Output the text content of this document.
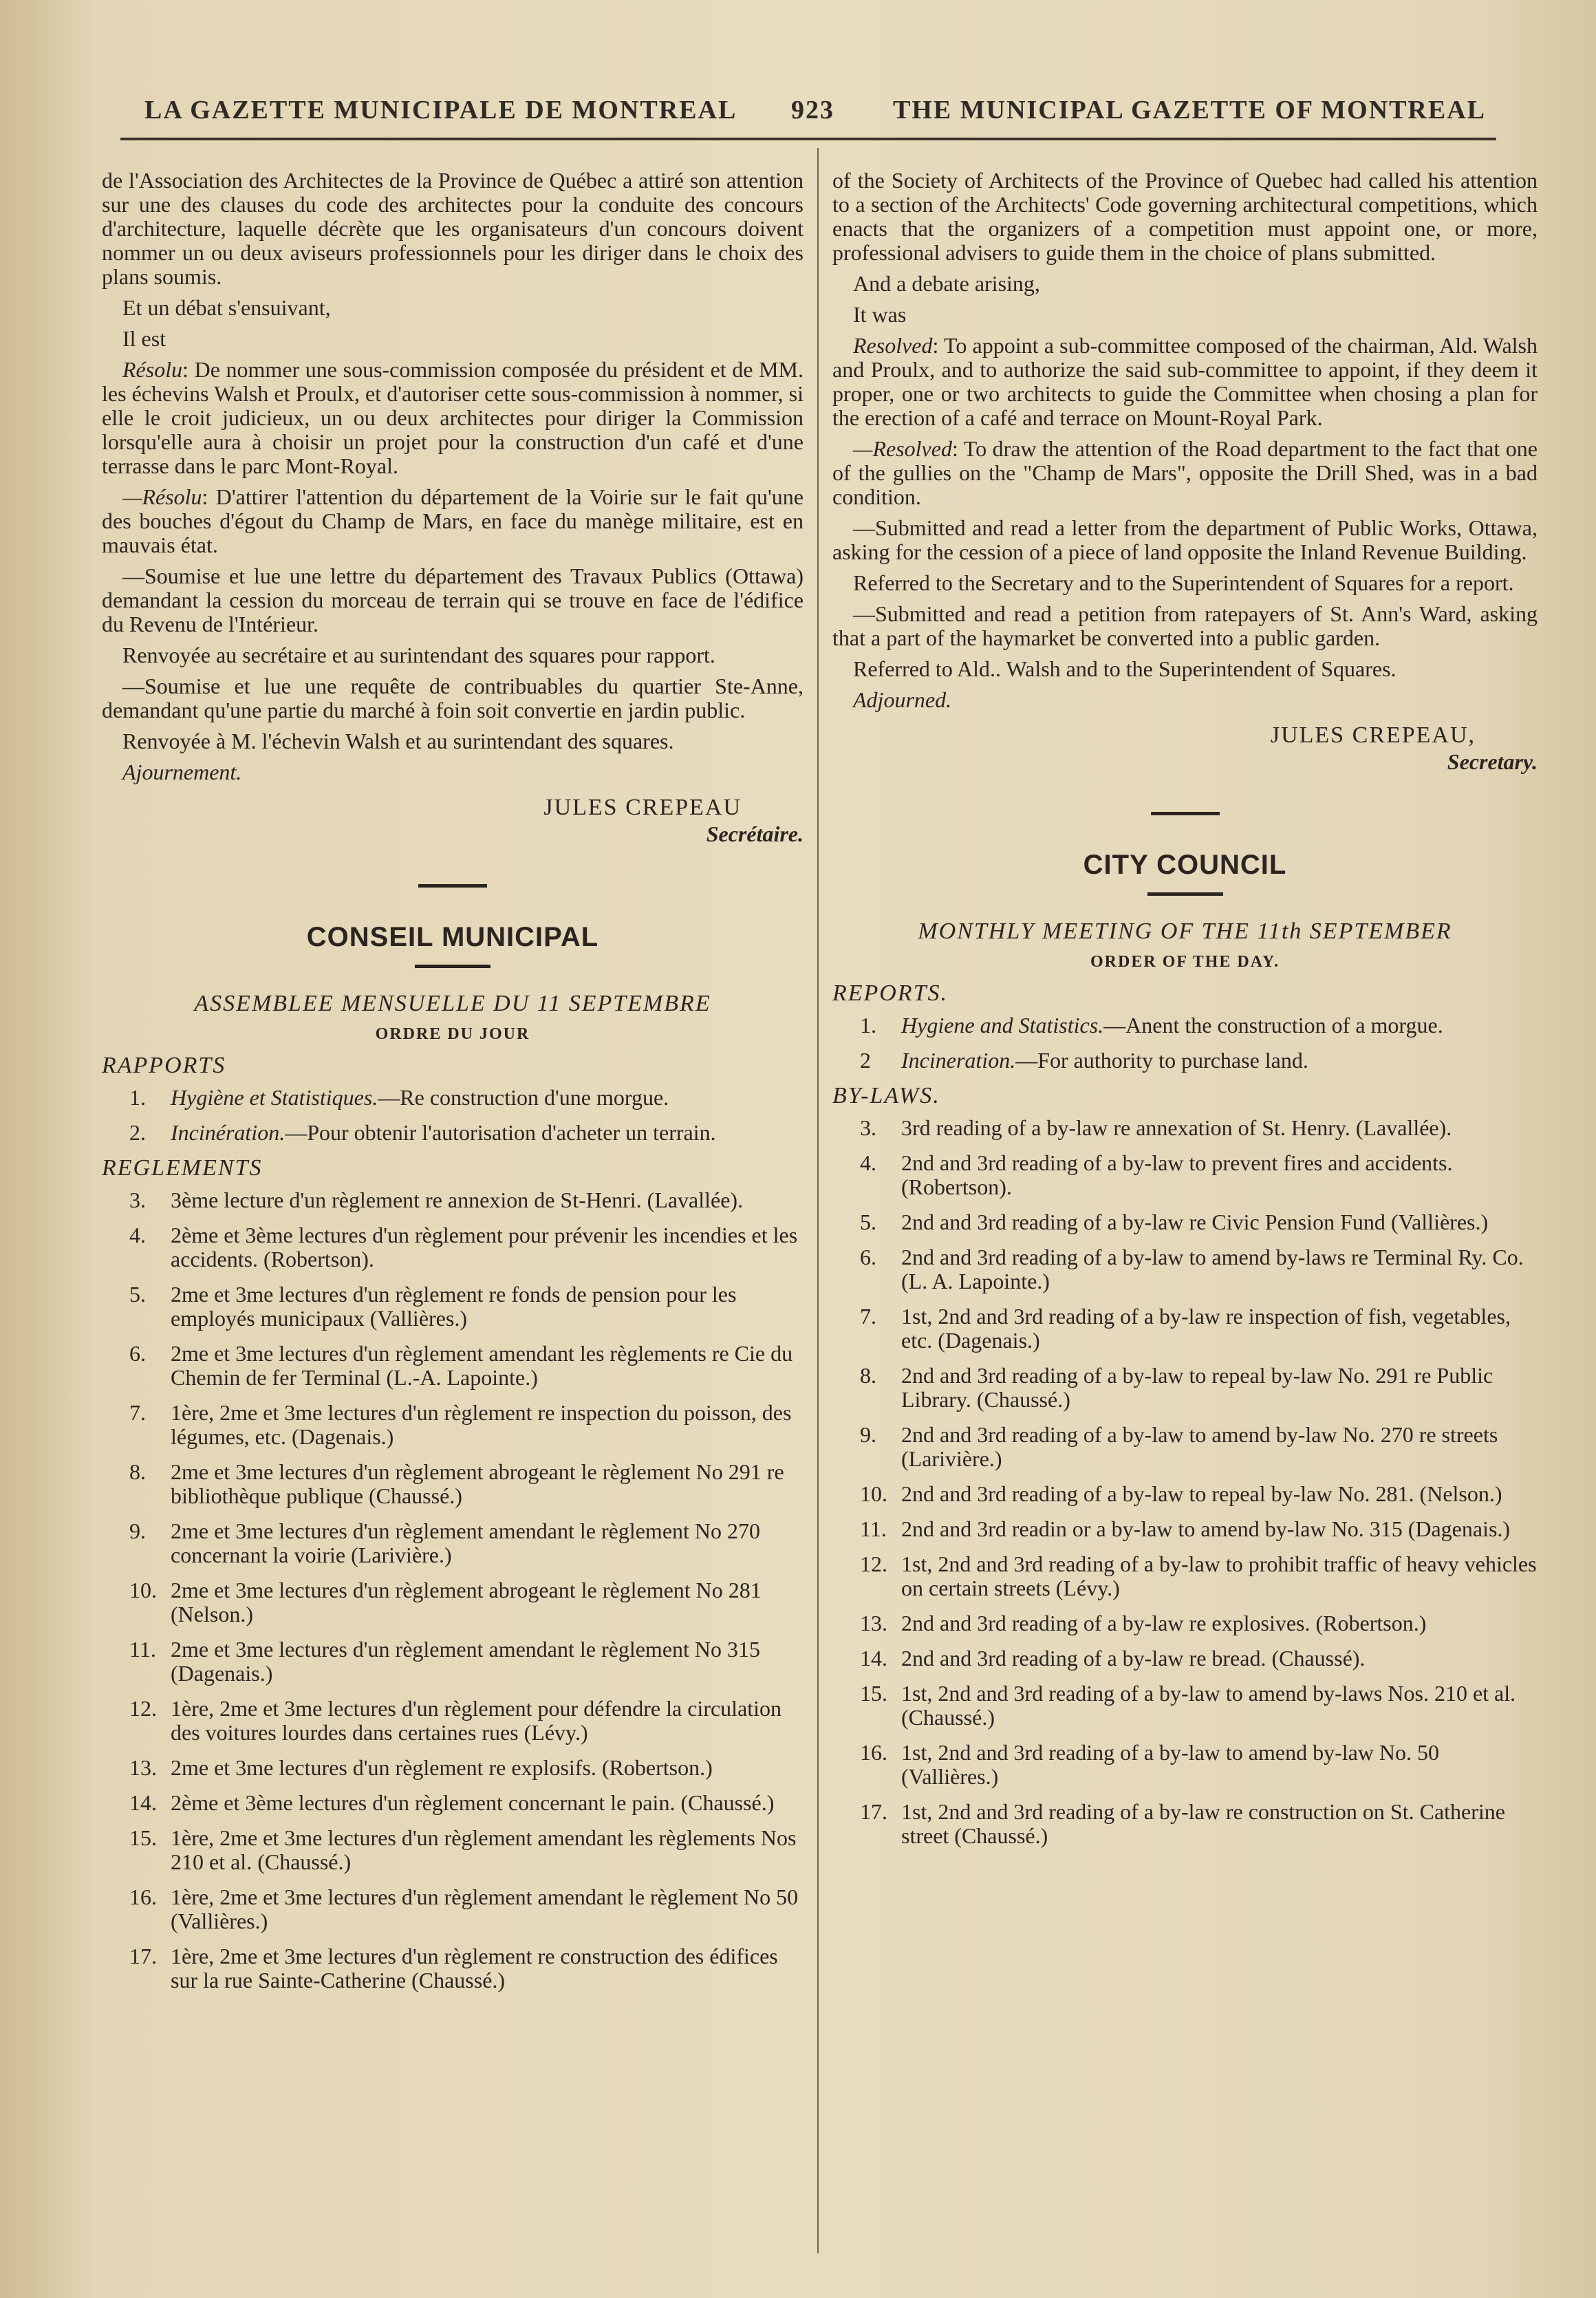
LA GAZETTE MUNICIPALE DE MONTREAL 923 THE MUNICIPAL GAZETTE OF MONTREAL

de l'Association des Architectes de la Province de Québec a attiré son attention sur une des clauses du code des architectes pour la conduite des concours d'architecture, laquelle décrète que les organisateurs d'un concours doivent nommer un ou deux aviseurs professionnels pour les diriger dans le choix des plans soumis.

Et un débat s'ensuivant,

Il est

Résolu: De nommer une sous-commission composée du président et de MM. les échevins Walsh et Proulx, et d'autoriser cette sous-commission à nommer, si elle le croit judicieux, un ou deux architectes pour diriger la Commission lorsqu'elle aura à choisir un projet pour la construction d'un café et d'une terrasse dans le parc Mont-Royal.

—Résolu: D'attirer l'attention du département de la Voirie sur le fait qu'une des bouches d'égout du Champ de Mars, en face du manège militaire, est en mauvais état.

—Soumise et lue une lettre du département des Travaux Publics (Ottawa) demandant la cession du morceau de terrain qui se trouve en face de l'édifice du Revenu de l'Intérieur.

Renvoyée au secrétaire et au surintendant des squares pour rapport.

—Soumise et lue une requête de contribuables du quartier Ste-Anne, demandant qu'une partie du marché à foin soit convertie en jardin public.

Renvoyée à M. l'échevin Walsh et au surintendant des squares.

Ajournement.

JULES CREPEAU
Secrétaire.
CONSEIL MUNICIPAL

ASSEMBLEE MENSUELLE DU 11 SEPTEMBRE

ORDRE DU JOUR

RAPPORTS

1. Hygiène et Statistiques.—Re construction d'une morgue.
2. Incinération.—Pour obtenir l'autorisation d'acheter un terrain.

REGLEMENTS

3. 3ème lecture d'un règlement re annexion de St-Henri. (Lavallée).
4. 2ème et 3ème lectures d'un règlement pour prévenir les incendies et les accidents. (Robertson).
5. 2me et 3me lectures d'un règlement re fonds de pension pour les employés municipaux (Vallières.)
6. 2me et 3me lectures d'un règlement amendant les règlements re Cie du Chemin de fer Terminal (L.-A. Lapointe.)
7. 1ère, 2me et 3me lectures d'un règlement re inspection du poisson, des légumes, etc. (Dagenais.)
8. 2me et 3me lectures d'un règlement abrogeant le règlement No 291 re bibliothèque publique (Chaussé.)
9. 2me et 3me lectures d'un règlement amendant le règlement No 270 concernant la voirie (Larivière.)
10. 2me et 3me lectures d'un règlement abrogeant le règlement No 281 (Nelson.)
11. 2me et 3me lectures d'un règlement amendant le règlement No 315 (Dagenais.)
12. 1ère, 2me et 3me lectures d'un règlement pour défendre la circulation des voitures lourdes dans certaines rues (Lévy.)
13. 2me et 3me lectures d'un règlement re explosifs. (Robertson.)
14. 2ème et 3ème lectures d'un règlement concernant le pain. (Chaussé.)
15. 1ère, 2me et 3me lectures d'un règlement amendant les règlements Nos 210 et al. (Chaussé.)
16. 1ère, 2me et 3me lectures d'un règlement amendant le règlement No 50 (Vallières.)
17. 1ère, 2me et 3me lectures d'un règlement re construction des édifices sur la rue Sainte-Catherine (Chaussé.)

of the Society of Architects of the Province of Quebec had called his attention to a section of the Architects' Code governing architectural competitions, which enacts that the organizers of a competition must appoint one, or more, professional advisers to guide them in the choice of plans submitted.

And a debate arising,

It was

Resolved: To appoint a sub-committee composed of the chairman, Ald. Walsh and Proulx, and to authorize the said sub-committee to appoint, if they deem it proper, one or two architects to guide the Committee when chosing a plan for the erection of a café and terrace on Mount-Royal Park.

—Resolved: To draw the attention of the Road department to the fact that one of the gullies on the "Champ de Mars", opposite the Drill Shed, was in a bad condition.

—Submitted and read a letter from the department of Public Works, Ottawa, asking for the cession of a piece of land opposite the Inland Revenue Building.

Referred to the Secretary and to the Superintendent of Squares for a report.

—Submitted and read a petition from ratepayers of St. Ann's Ward, asking that a part of the haymarket be converted into a public garden.

Referred to Ald.. Walsh and to the Superintendent of Squares.

Adjourned.

JULES CREPEAU,
Secretary.
CITY COUNCIL

MONTHLY MEETING OF THE 11th SEPTEMBER

ORDER OF THE DAY.

REPORTS.

1. Hygiene and Statistics.—Anent the construction of a morgue.
2 Incineration.—For authority to purchase land.

BY-LAWS.

3. 3rd reading of a by-law re annexation of St. Henry. (Lavallée).
4. 2nd and 3rd reading of a by-law to prevent fires and accidents. (Robertson).
5. 2nd and 3rd reading of a by-law re Civic Pension Fund (Vallières.)
6. 2nd and 3rd reading of a by-law to amend by-laws re Terminal Ry. Co. (L. A. Lapointe.)
7. 1st, 2nd and 3rd reading of a by-law re inspection of fish, vegetables, etc. (Dagenais.)
8. 2nd and 3rd reading of a by-law to repeal by-law No. 291 re Public Library. (Chaussé.)
9. 2nd and 3rd reading of a by-law to amend by-law No. 270 re streets (Larivière.)
10. 2nd and 3rd reading of a by-law to repeal by-law No. 281. (Nelson.)
11. 2nd and 3rd readin or a by-law to amend by-law No. 315 (Dagenais.)
12. 1st, 2nd and 3rd reading of a by-law to prohibit traffic of heavy vehicles on certain streets (Lévy.)
13. 2nd and 3rd reading of a by-law re explosives. (Robertson.)
14. 2nd and 3rd reading of a by-law re bread. (Chaussé).
15. 1st, 2nd and 3rd reading of a by-law to amend by-laws Nos. 210 et al. (Chaussé.)
16. 1st, 2nd and 3rd reading of a by-law to amend by-law No. 50 (Vallières.)
17. 1st, 2nd and 3rd reading of a by-law re construction on St. Catherine street (Chaussé.)
